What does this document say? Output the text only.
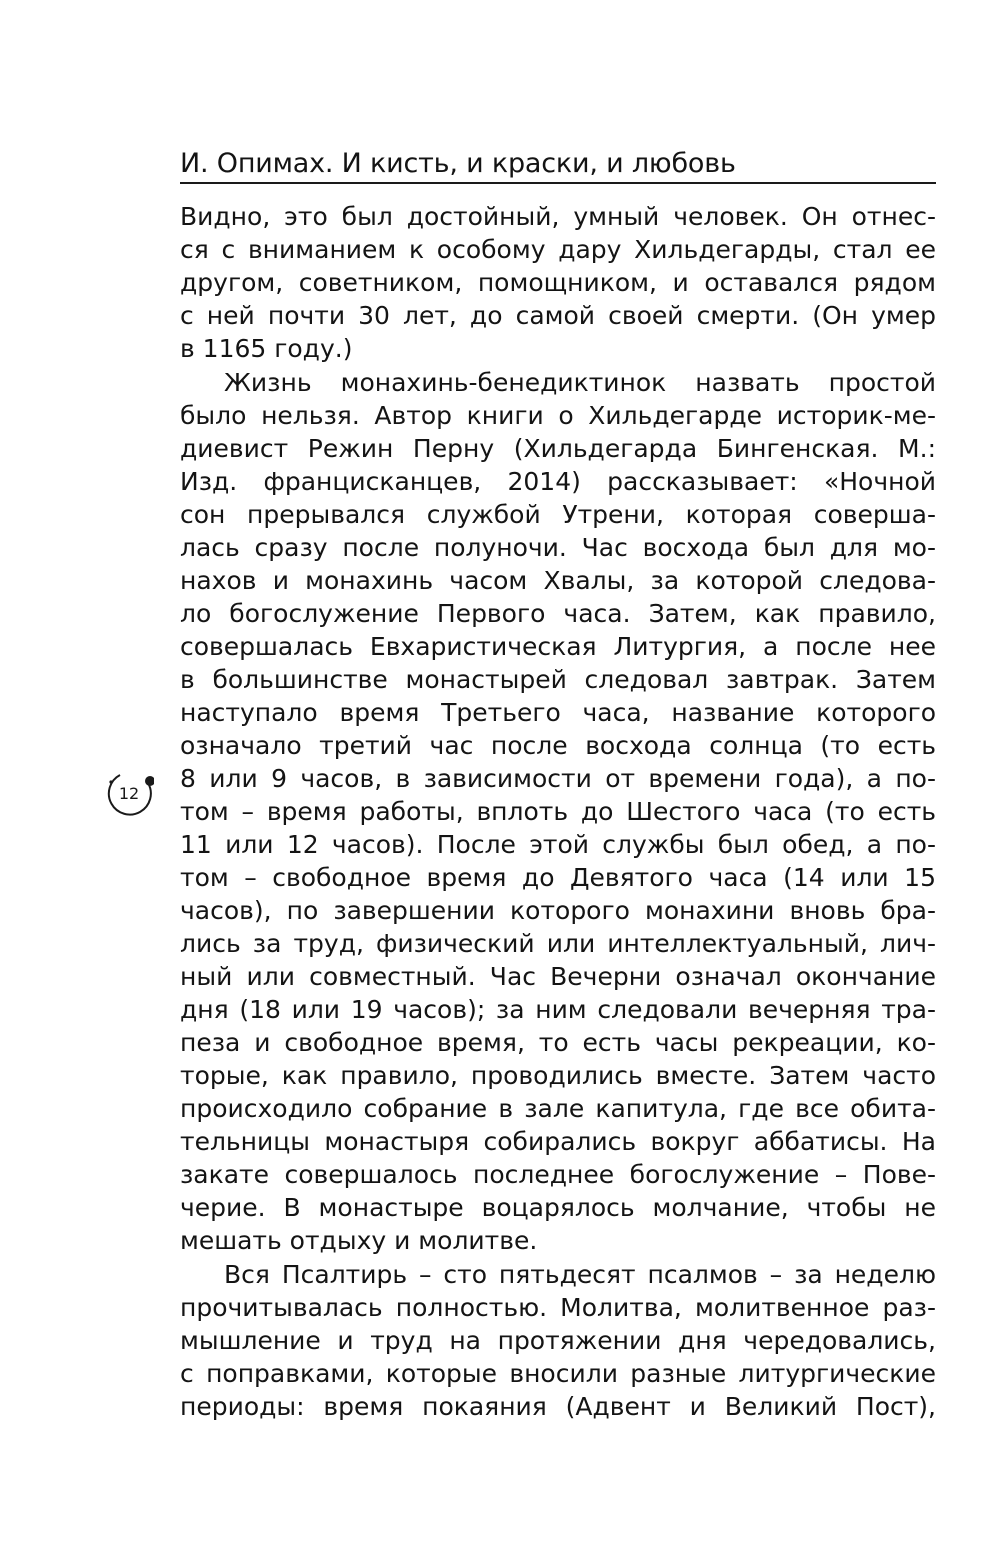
И. Опимах. И кисть, и краски, и любовь
Видно, это был достойный, умный человек. Он отнес-
ся с вниманием к особому дару Хильдегарды, стал ее
другом, советником, помощником, и оставался рядом
с ней почти 30 лет, до самой своей смерти. (Он умер
в 1165 году.)
Жизнь монахинь-бенедиктинок назвать простой
было нельзя. Автор книги о Хильдегарде историк-ме-
диевист Режин Перну (Хильдегарда Бингенская. М.:
Изд. францисканцев, 2014) рассказывает: «Ночной
сон прерывался службой Утрени, которая соверша-
лась сразу после полуночи. Час восхода был для мо-
нахов и монахинь часом Хвалы, за которой следова-
ло богослужение Первого часа. Затем, как правило,
совершалась Евхаристическая Литургия, а после нее
в большинстве монастырей следовал завтрак. Затем
наступало время Третьего часа, название которого
означало третий час после восхода солнца (то есть
8 или 9 часов, в зависимости от времени года), а по-
том – время работы, вплоть до Шестого часа (то есть
11 или 12 часов). После этой службы был обед, а по-
том – свободное время до Девятого часа (14 или 15
часов), по завершении которого монахини вновь бра-
лись за труд, физический или интеллектуальный, лич-
ный или совместный. Час Вечерни означал окончание
дня (18 или 19 часов); за ним следовали вечерняя тра-
пеза и свободное время, то есть часы рекреации, ко-
торые, как правило, проводились вместе. Затем часто
происходило собрание в зале капитула, где все обита-
тельницы монастыря собирались вокруг аббатисы. На
закате совершалось последнее богослужение – Пове-
черие. В монастыре воцарялось молчание, чтобы не
мешать отдыху и молитве.
Вся Псалтирь – сто пятьдесят псалмов – за неделю
прочитывалась полностью. Молитва, молитвенное раз-
мышление и труд на протяжении дня чередовались,
с поправками, которые вносили разные литургические
периоды: время покаяния (Адвент и Великий Пост),
12
